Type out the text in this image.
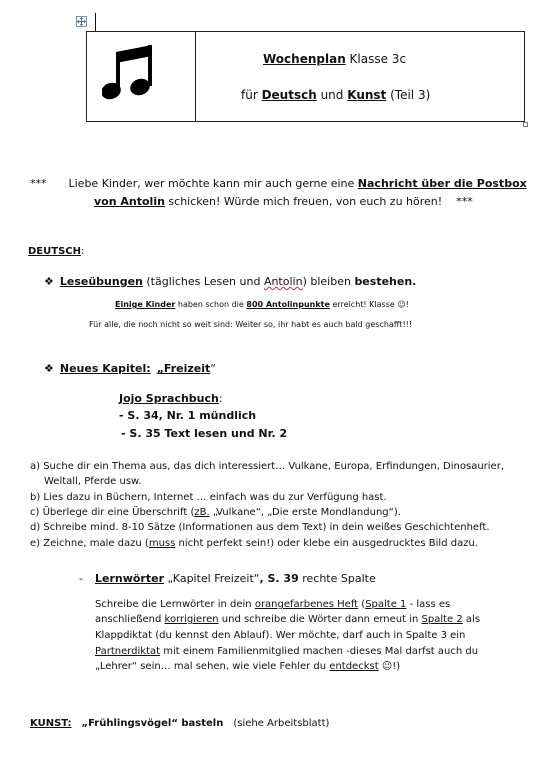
Wochenplan Klasse 3c
für Deutsch und Kunst (Teil 3)
*** Liebe Kinder, wer möchte kann mir auch gerne eine Nachricht über die Postbox
von Antolin schicken! Würde mich freuen, von euch zu hören! ***
DEUTSCH:
❖ Leseübungen (tägliches Lesen und Antolin) bleiben bestehen.
Einige Kinder haben schon die 800 Antolinpunkte erreicht! Klasse ☺!
Für alle, die noch nicht so weit sind: Weiter so, ihr habt es auch bald geschafft!!!
❖ Neues Kapitel: „Freizeit“
Jojo Sprachbuch:
- S. 34, Nr. 1 mündlich
- S. 35 Text lesen und Nr. 2
a) Suche dir ein Thema aus, das dich interessiert… Vulkane, Europa, Erfindungen, Dinosaurier,
Weltall, Pferde usw.
b) Lies dazu in Büchern, Internet … einfach was du zur Verfügung hast.
c) Überlege dir eine Überschrift (zB. „Vulkane“, „Die erste Mondlandung“).
d) Schreibe mind. 8-10 Sätze (Informationen aus dem Text) in dein weißes Geschichtenheft.
e) Zeichne, male dazu (muss nicht perfekt sein!) oder klebe ein ausgedrucktes Bild dazu.
- Lernwörter „Kapitel Freizeit“, S. 39 rechte Spalte
Schreibe die Lernwörter in dein orangefarbenes Heft (Spalte 1 - lass es
anschließend korrigieren und schreibe die Wörter dann erneut in Spalte 2 als
Klappdiktat (du kennst den Ablauf). Wer möchte, darf auch in Spalte 3 ein
Partnerdiktat mit einem Familienmitglied machen -dieses Mal darfst auch du
„Lehrer“ sein… mal sehen, wie viele Fehler du entdeckst ☺!)
KUNST: „Frühlingsvögel“ basteln (siehe Arbeitsblatt)
